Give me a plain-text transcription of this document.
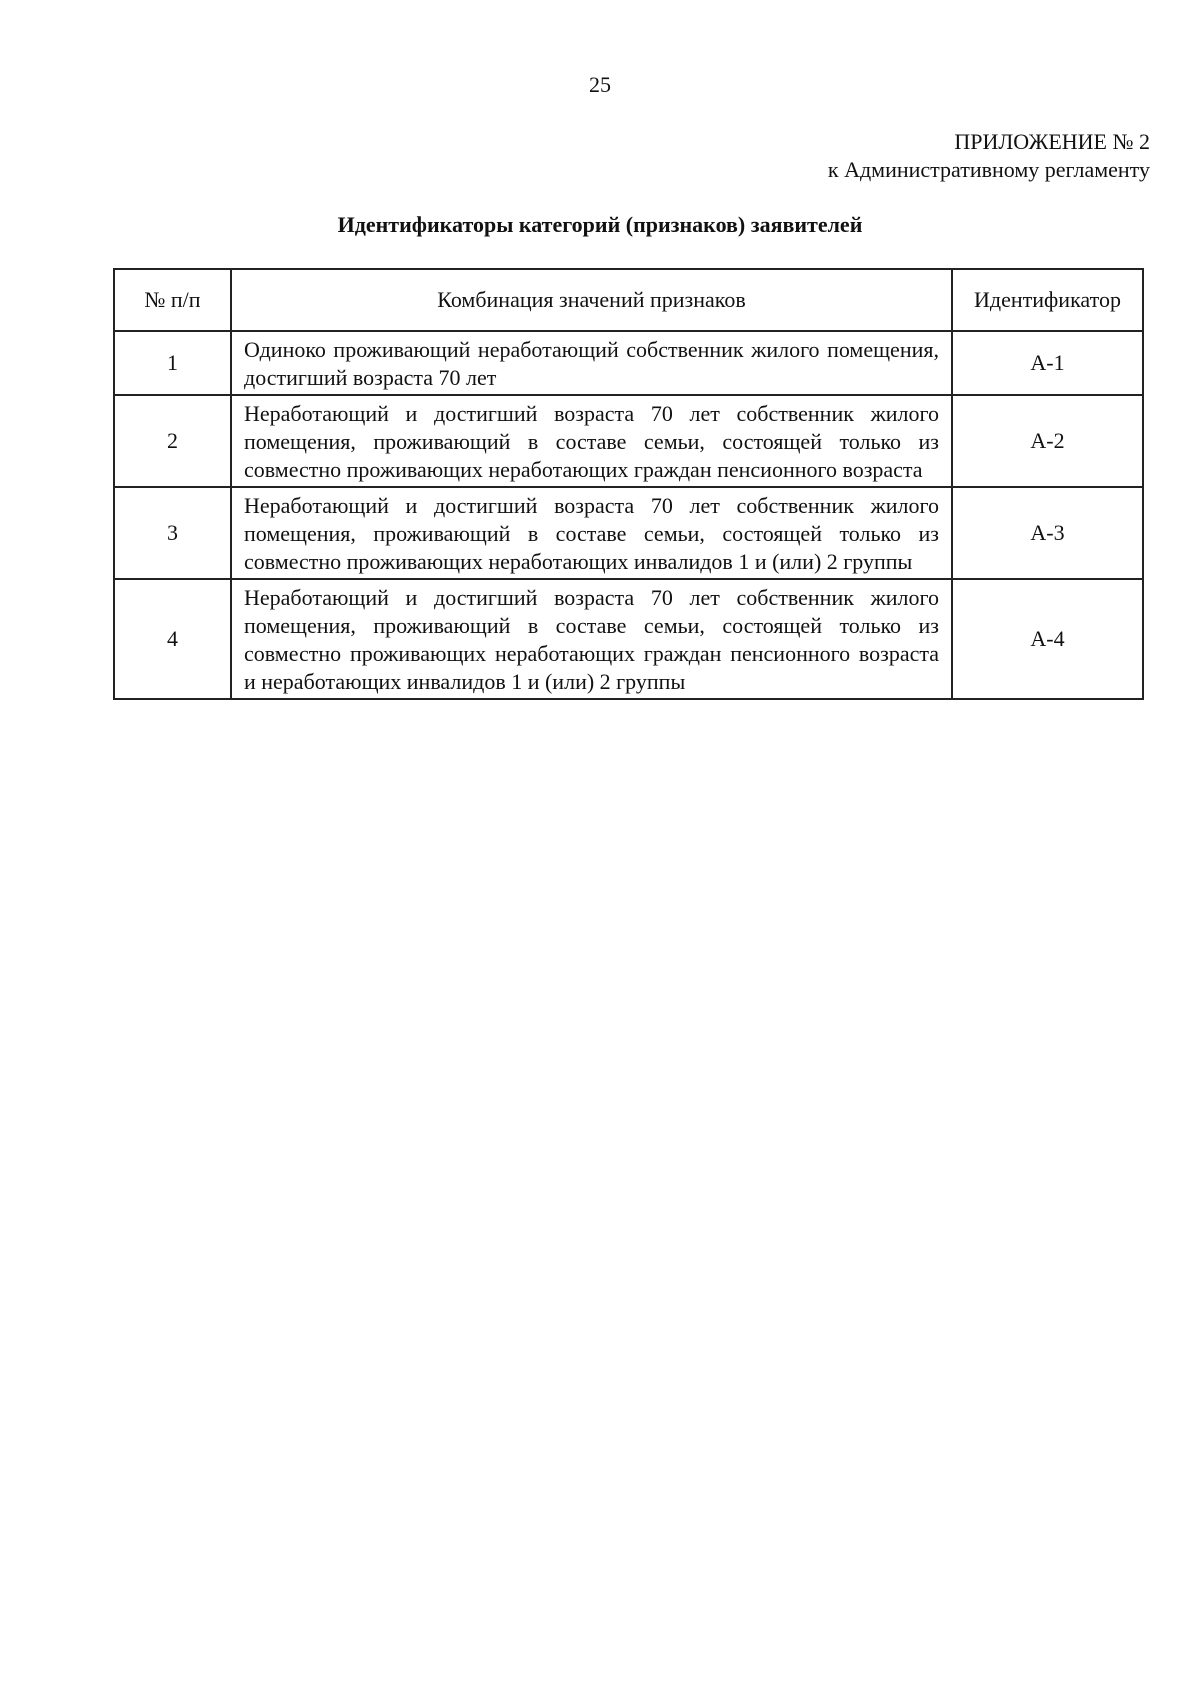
25
ПРИЛОЖЕНИЕ № 2
к Административному регламенту
Идентификаторы категорий (признаков) заявителей
№ п/п	Комбинация значений признаков	Идентификатор
1	Одиноко проживающий неработающий собственник жилого помещения, достигший возраста 70 лет	А-1
2	Неработающий и достигший возраста 70 лет собственник жилого помещения, проживающий в составе семьи, состоящей только из совместно проживающих неработающих граждан пенсионного возраста	А-2
3	Неработающий и достигший возраста 70 лет собственник жилого помещения, проживающий в составе семьи, состоящей только из совместно проживающих неработающих инвалидов 1 и (или) 2 группы	А-3
4	Неработающий и достигший возраста 70 лет собственник жилого помещения, проживающий в составе семьи, состоящей только из совместно проживающих неработающих граждан пенсионного возраста и неработающих инвалидов 1 и (или) 2 группы	А-4
